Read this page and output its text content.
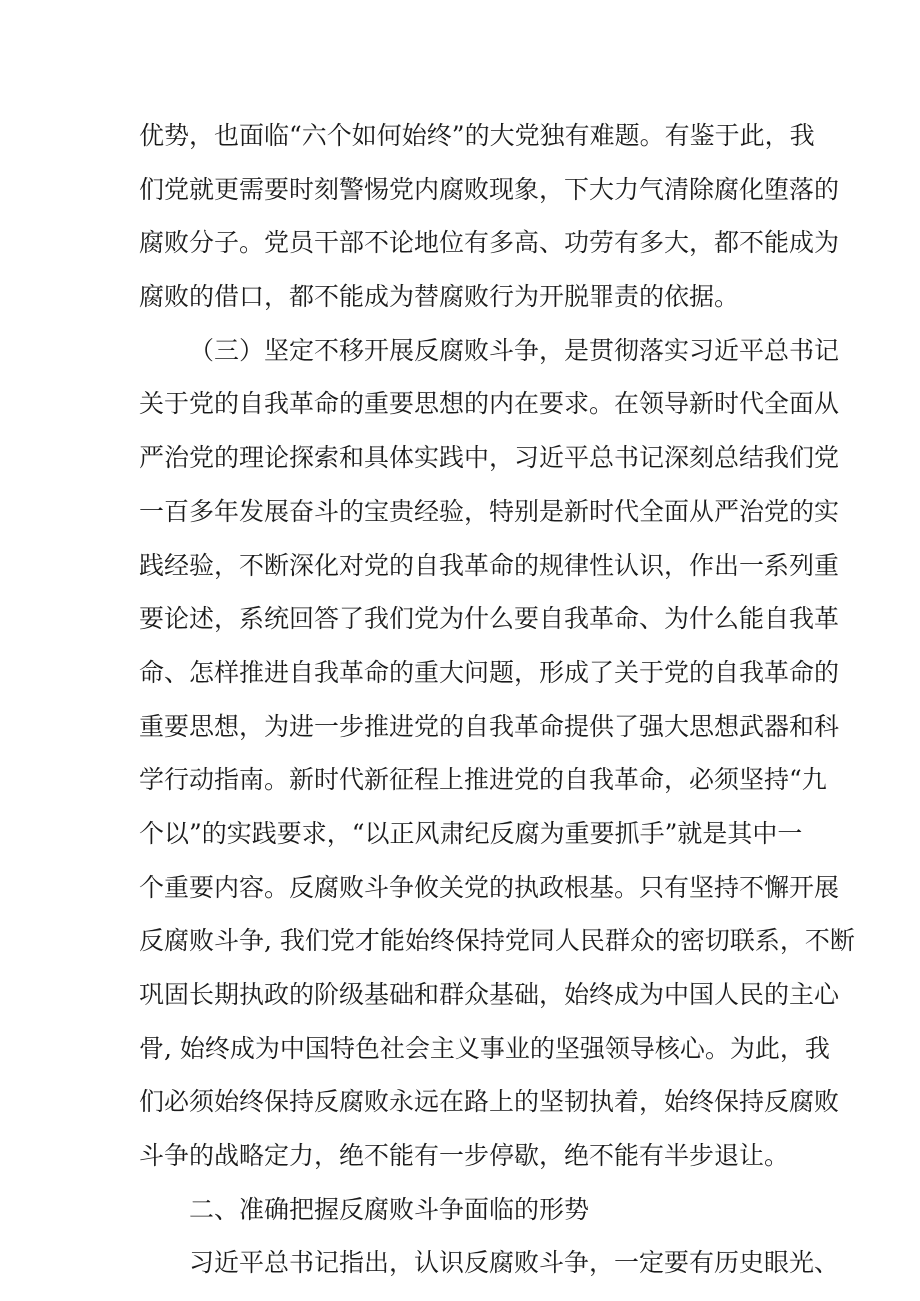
优势，也面临“六个如何始终”的大党独有难题。有鉴于此，我
们党就更需要时刻警惕党内腐败现象，下大力气清除腐化堕落的
腐败分子。党员干部不论地位有多高、功劳有多大，都不能成为
腐败的借口，都不能成为替腐败行为开脱罪责的依据。
（三）坚定不移开展反腐败斗争，是贯彻落实习近平总书记
关于党的自我革命的重要思想的内在要求。在领导新时代全面从
严治党的理论探索和具体实践中，习近平总书记深刻总结我们党
一百多年发展奋斗的宝贵经验，特别是新时代全面从严治党的实
践经验，不断深化对党的自我革命的规律性认识，作出一系列重
要论述，系统回答了我们党为什么要自我革命、为什么能自我革
命、怎样推进自我革命的重大问题，形成了关于党的自我革命的
重要思想，为进一步推进党的自我革命提供了强大思想武器和科
学行动指南。新时代新征程上推进党的自我革命，必须坚持“九
个以”的实践要求，“以正风肃纪反腐为重要抓手”就是其中一
个重要内容。反腐败斗争攸关党的执政根基。只有坚持不懈开展
反腐败斗争, 我们党才能始终保持党同人民群众的密切联系，不断
巩固长期执政的阶级基础和群众基础，始终成为中国人民的主心
骨, 始终成为中国特色社会主义事业的坚强领导核心。为此，我
们必须始终保持反腐败永远在路上的坚韧执着，始终保持反腐败
斗争的战略定力，绝不能有一步停歇，绝不能有半步退让。
二、准确把握反腐败斗争面临的形势
习近平总书记指出，认识反腐败斗争，一定要有历史眼光、
